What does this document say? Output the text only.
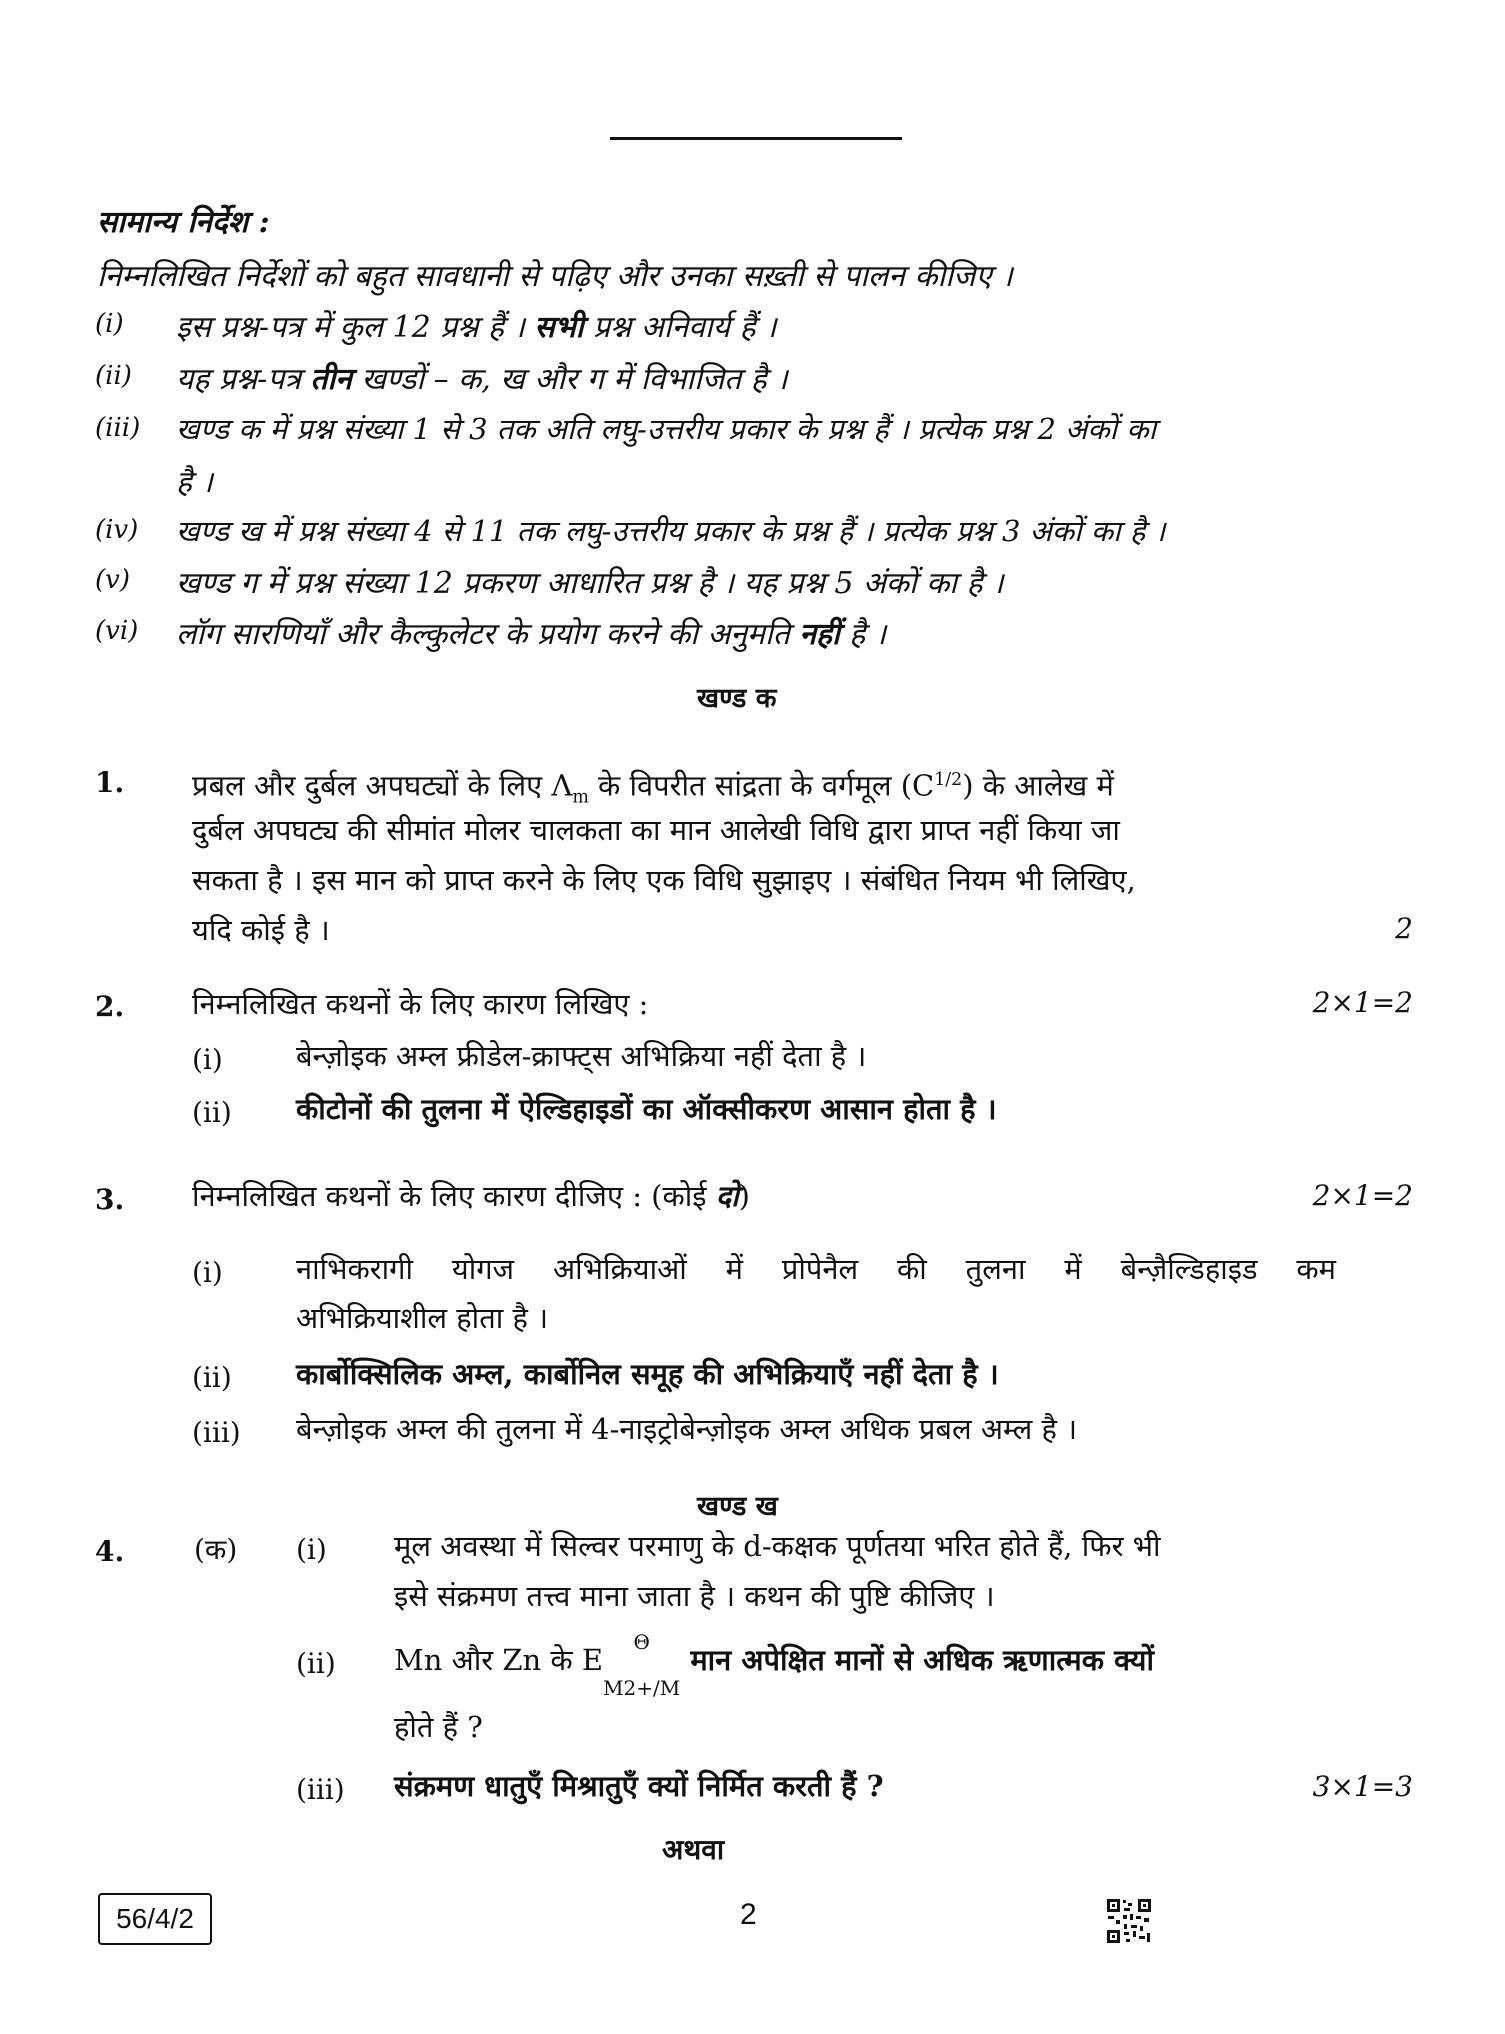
सामान्य निर्देश :
निम्नलिखित निर्देशों को बहुत सावधानी से पढ़िए और उनका सख़्ती से पालन कीजिए ।
(i) इस प्रश्न-पत्र में कुल 12 प्रश्न हैं । सभी प्रश्न अनिवार्य हैं ।
(ii) यह प्रश्न-पत्र तीन खण्डों – क, ख और ग में विभाजित है ।
(iii) खण्ड क में प्रश्न संख्या 1 से 3 तक अति लघु-उत्तरीय प्रकार के प्रश्न हैं । प्रत्येक प्रश्न 2 अंकों का
है ।
(iv) खण्ड ख में प्रश्न संख्या 4 से 11 तक लघु-उत्तरीय प्रकार के प्रश्न हैं । प्रत्येक प्रश्न 3 अंकों का है ।
(v) खण्ड ग में प्रश्न संख्या 12 प्रकरण आधारित प्रश्न है । यह प्रश्न 5 अंकों का है ।
(vi) लॉग सारणियाँ और कैल्कुलेटर के प्रयोग करने की अनुमति नहीं है ।
खण्ड क
1. प्रबल और दुर्बल अपघट्यों के लिए $\Lambda_m$ के विपरीत सांद्रता के वर्गमूल $(C^{1/2})$ के आलेख में
दुर्बल अपघट्य की सीमांत मोलर चालकता का मान आलेखी विधि द्वारा प्राप्त नहीं किया जा
सकता है । इस मान को प्राप्त करने के लिए एक विधि सुझाइए । संबंधित नियम भी लिखिए,
यदि कोई है ।	2
2. निम्नलिखित कथनों के लिए कारण लिखिए :	2×1=2
(i)	बेन्ज़ोइक अम्ल फ्रीडेल-क्राफ्ट्स अभिक्रिया नहीं देता है ।
(ii) कीटोनों की तुलना में ऐल्डिहाइडों का ऑक्सीकरण आसान होता है ।
3. निम्नलिखित कथनों के लिए कारण दीजिए : (कोई दो)	2×1=2
(i)	नाभिकरागी योगज अभिक्रियाओं में प्रोपेनैल की तुलना में बेन्ज़ैल्डिहाइड कम
अभिक्रियाशील होता है ।
(ii) कार्बोक्सिलिक अम्ल, कार्बोनिल समूह की अभिक्रियाएँ नहीं देता है ।
(iii) बेन्ज़ोइक अम्ल की तुलना में 4-नाइट्रोबेन्ज़ोइक अम्ल अधिक प्रबल अम्ल है ।
खण्ड ख
4. (क) (i) मूल अवस्था में सिल्वर परमाणु के d-कक्षक पूर्णतया भरित होते हैं, फिर भी
इसे संक्रमण तत्त्व माना जाता है । कथन की पुष्टि कीजिए ।
(ii) Mn और Zn के E
Θ
M2+/M
मान अपेक्षित मानों से अधिक ऋणात्मक क्यों
होते हैं ?
(iii) संक्रमण धातुएँ मिश्रातुएँ क्यों निर्मित करती हैं ?	3×1=3
अथवा
56/4/2	2
